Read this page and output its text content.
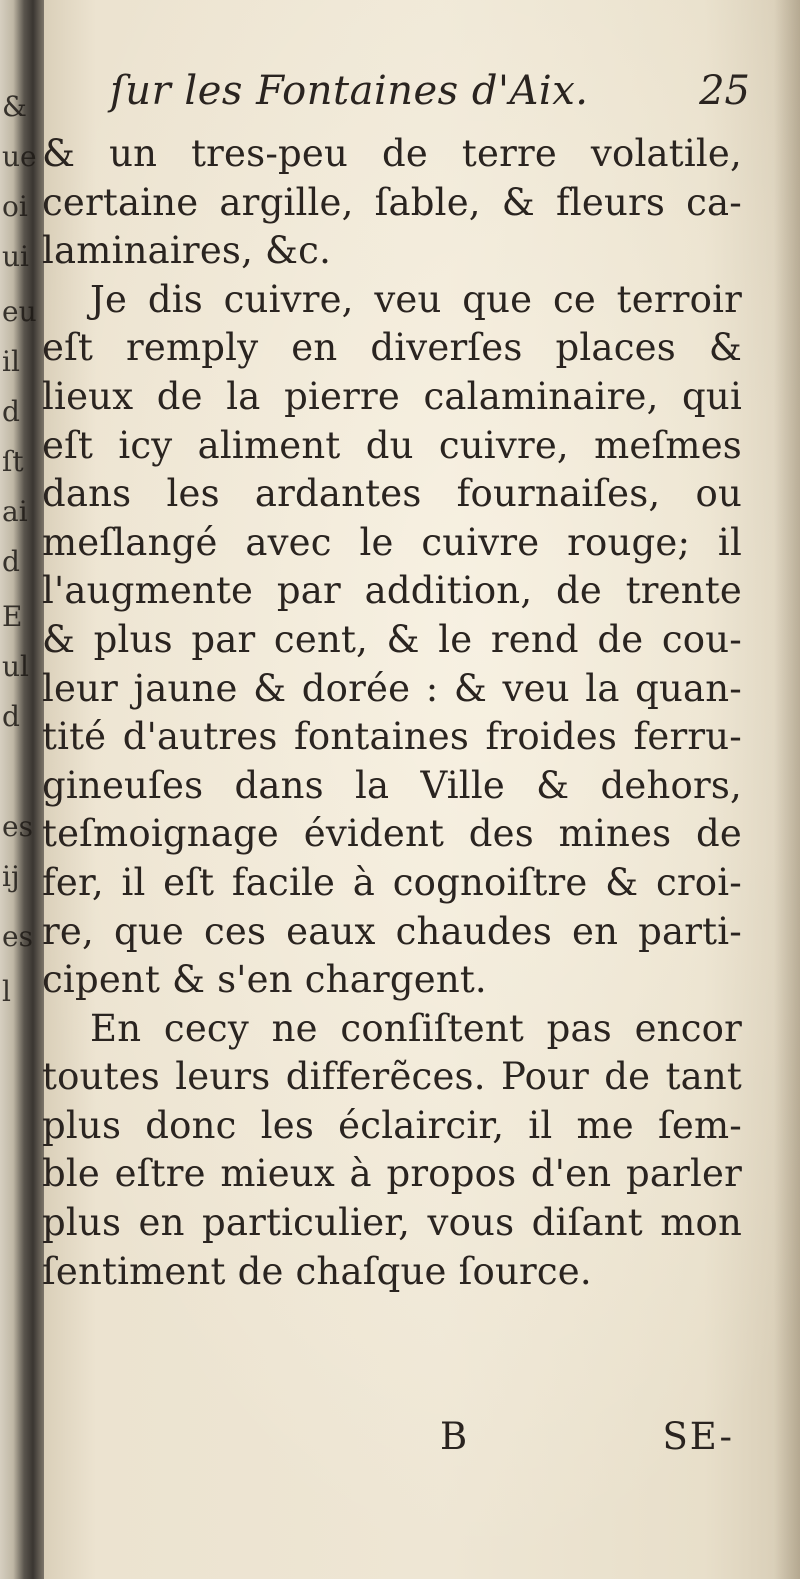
&
ue
oi
ui
eu
il
d
ſt
ai
d
E
ul
d
es
ij
es
l
ſur les Fontaines d'Aix.	25
& un tres-peu de terre volatile,
certaine argille, ſable, & fleurs ca-
laminaires, &c.
Je dis cuivre, veu que ce terroir
eſt remply en diverſes places &
lieux de la pierre calaminaire, qui
eſt icy aliment du cuivre, meſmes
dans les ardantes fournaiſes, ou
meſlangé avec le cuivre rouge; il
l'augmente par addition, de trente
& plus par cent, & le rend de cou-
leur jaune & dorée : & veu la quan-
tité d'autres fontaines froides ferru-
gineuſes dans la Ville & dehors,
teſmoignage évident des mines de
fer, il eſt facile à cognoiſtre & croi-
re, que ces eaux chaudes en parti-
cipent & s'en chargent.
En cecy ne conſiſtent pas encor
toutes leurs differẽces. Pour de tant
plus donc les éclaircir, il me ſem-
ble eſtre mieux à propos d'en parler
plus en particulier, vous diſant mon
ſentiment de chaſque ſource.
B	SE-
